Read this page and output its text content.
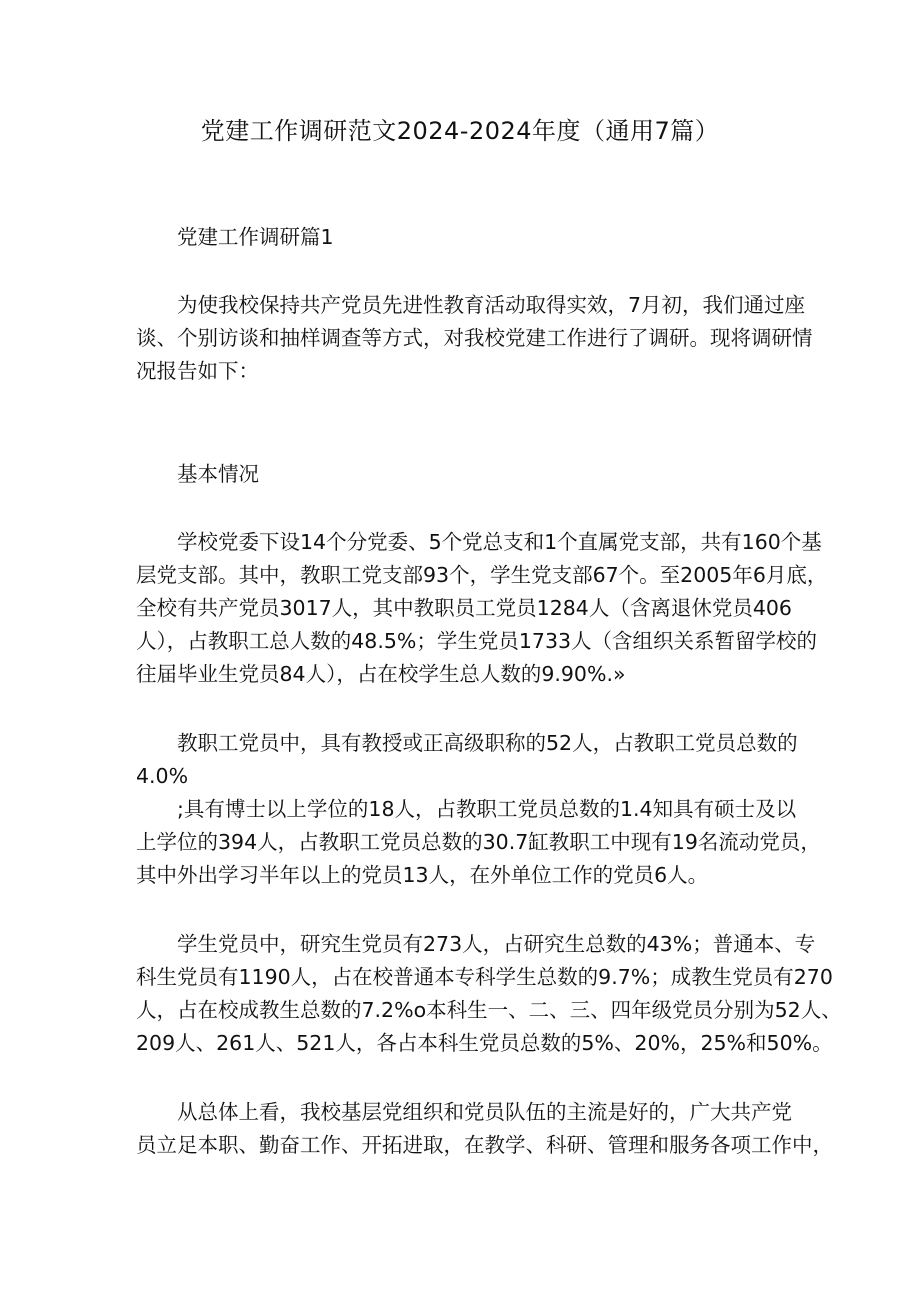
党建工作调研范文2024-2024年度（通用7篇）

党建工作调研篇1

为使我校保持共产党员先进性教育活动取得实效，7月初，我们通过座

谈、个别访谈和抽样调查等方式，对我校党建工作进行了调研。现将调研情

况报告如下：

基本情况

学校党委下设14个分党委、5个党总支和1个直属党支部，共有160个基

层党支部。其中，教职工党支部93个，学生党支部67个。至2005年6月底，

全校有共产党员3017人，其中教职员工党员1284人（含离退休党员406

人），占教职工总人数的48.5%；学生党员1733人（含组织关系暂留学校的

往届毕业生党员84人），占在校学生总人数的9.90%.»

教职工党员中，具有教授或正高级职称的52人，占教职工党员总数的

4.0%

;具有博士以上学位的18人，占教职工党员总数的1.4知具有硕士及以

上学位的394人，占教职工党员总数的30.7缸教职工中现有19名流动党员，

其中外出学习半年以上的党员13人，在外单位工作的党员6人。

学生党员中，研究生党员有273人，占研究生总数的43%；普通本、专

科生党员有1190人，占在校普通本专科学生总数的9.7%；成教生党员有270

人，占在校成教生总数的7.2%o本科生一、二、三、四年级党员分别为52人、

209人、261人、521人，各占本科生党员总数的5%、20%，25%和50%。

从总体上看，我校基层党组织和党员队伍的主流是好的，广大共产党

员立足本职、勤奋工作、开拓进取，在教学、科研、管理和服务各项工作中，
